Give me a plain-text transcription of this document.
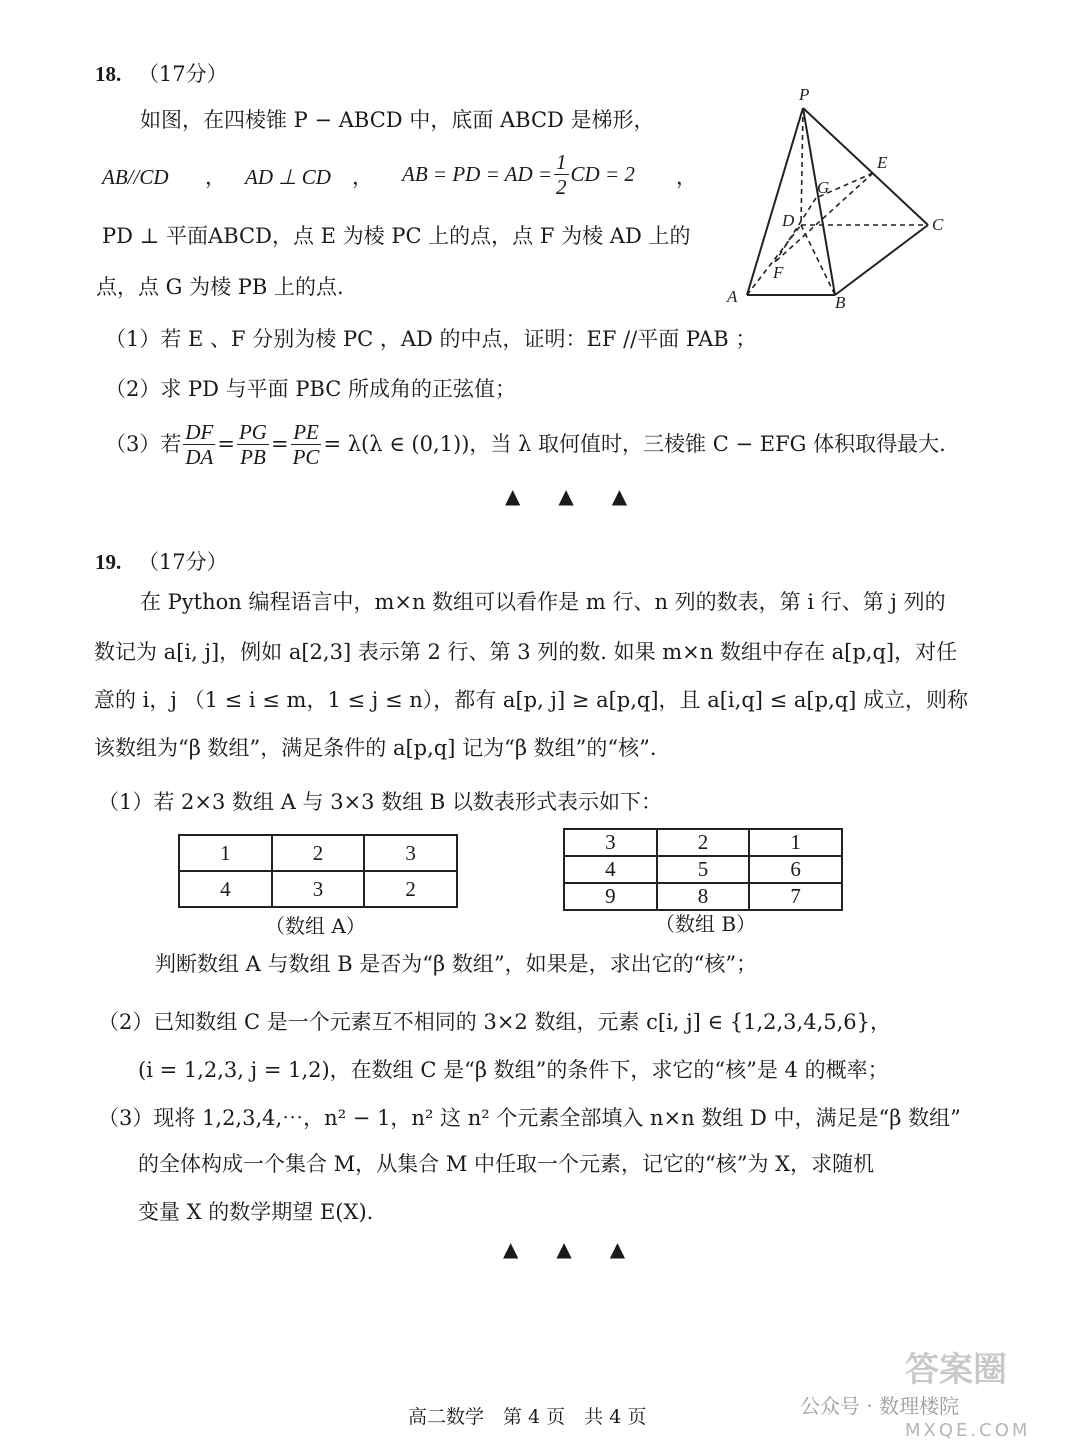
18. （17分）
如图，在四棱锥 P − ABCD 中，底面 ABCD 是梯形，
AB//CD ， AD ⊥ CD ， AB = PD = AD = $\frac{1}{2}$ CD = 2 ，
PD ⊥ 平面ABCD，点 E 为棱 PC 上的点，点 F 为棱 AD 上的
点，点 G 为棱 PB 上的点.
P
E
G
D	C
F
A	B
（1）若 E 、F 分别为棱 PC ，AD 的中点，证明：EF //平面 PAB ；
（2）求 PD 与平面 PBC 所成角的正弦值；
（3）若 $\frac{DF}{DA} = \frac{PG}{PB} = \frac{PE}{PC} = \lambda(\lambda$ ∈ (0,1))，当 λ 取何值时，三棱锥 C − EFG 体积取得最大.
▲▲▲
19. （17分）
在 Python 编程语言中，m×n 数组可以看作是 m 行、n 列的数表，第 i 行、第 j 列的
数记为 a[i, j]，例如 a[2,3] 表示第 2 行、第 3 列的数. 如果 m×n 数组中存在 a[p,q]，对任
意的 i，j （1 ≤ i ≤ m，1 ≤ j ≤ n），都有 a[p, j] ≥ a[p,q]，且 a[i,q] ≤ a[p,q] 成立，则称
该数组为“β 数组”，满足条件的 a[p,q] 记为“β 数组”的“核”.
（1）若 2×3 数组 A 与 3×3 数组 B 以数表形式表示如下：
1	2	3
4	3	2
（数组 A）
3	2	1
4	5	6
9	8	7
（数组 B）
判断数组 A 与数组 B 是否为“β 数组”，如果是，求出它的“核”；
（2）已知数组 C 是一个元素互不相同的 3×2 数组，元素 c[i, j] ∈ {1,2,3,4,5,6}，
(i = 1,2,3, j = 1,2)，在数组 C 是“β 数组”的条件下，求它的“核”是 4 的概率；
（3）现将 1,2,3,4,⋯，n² − 1，n² 这 n² 个元素全部填入 n×n 数组 D 中，满足是“β 数组”
的全体构成一个集合 M，从集合 M 中任取一个元素，记它的“核”为 X，求随机
变量 X 的数学期望 E(X).
▲▲▲
高二数学　第 4 页　共 4 页	公众号 · 数理楼院
答案圈
MXQE.COM
